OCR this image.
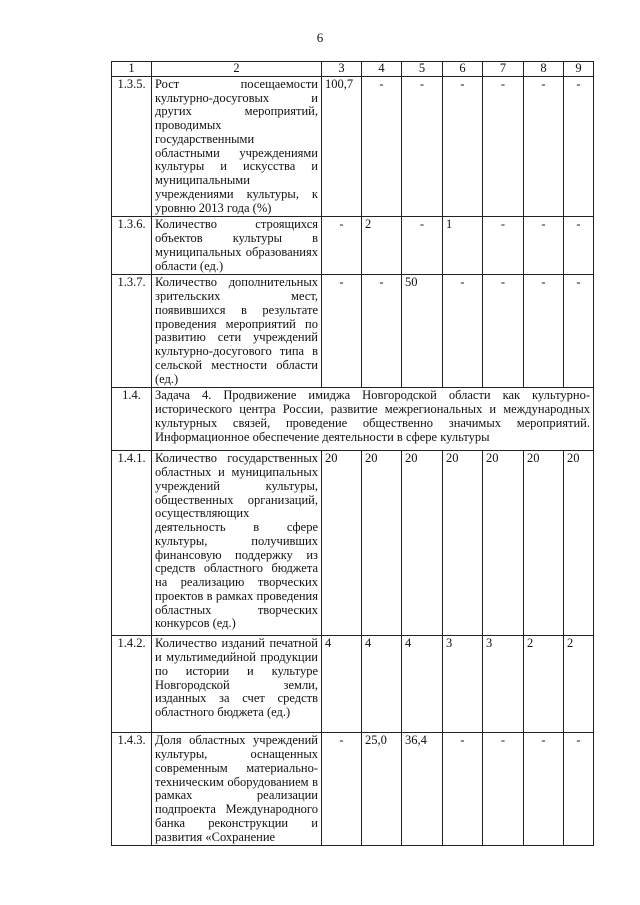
6
1	2	3	4	5	6	7	8	9
1.3.5.	Рост посещаемости культурно-досуговых и других мероприятий, проводимых государственными областными учреждениями культуры и искусства и муниципальными учреждениями культуры, к уровню 2013 года (%)	100,7	-	-	-	-	-	-
1.3.6.	Количество строящихся объектов культуры в муниципальных образованиях области (ед.)	-	2	-	1	-	-	-
1.3.7.	Количество дополнительных зрительских мест, появившихся в результате проведения мероприятий по развитию сети учреждений культурно-досугового типа в сельской местности области (ед.)	-	-	50	-	-	-	-
1.4.	Задача 4. Продвижение имиджа Новгородской области как культурно-исторического центра России, развитие межрегиональных и международных культурных связей, проведение общественно значимых мероприятий. Информационное обеспечение деятельности в сфере культуры							
1.4.1.	Количество государственных областных и муниципальных учреждений культуры, общественных организаций, осуществляющих деятельность в сфере культуры, получивших финансовую поддержку из средств областного бюджета на реализацию творческих проектов в рамках проведения областных творческих конкурсов (ед.)	20	20	20	20	20	20	20
1.4.2.	Количество изданий печатной и мультимедийной продукции по истории и культуре Новгородской земли, изданных за счет средств областного бюджета (ед.)	4	4	4	3	3	2	2
1.4.3.	Доля областных учреждений культуры, оснащенных современным материально-техническим оборудованием в рамках реализации подпроекта Международного банка реконструкции и развития «Сохранение	-	25,0	36,4	-	-	-	-
